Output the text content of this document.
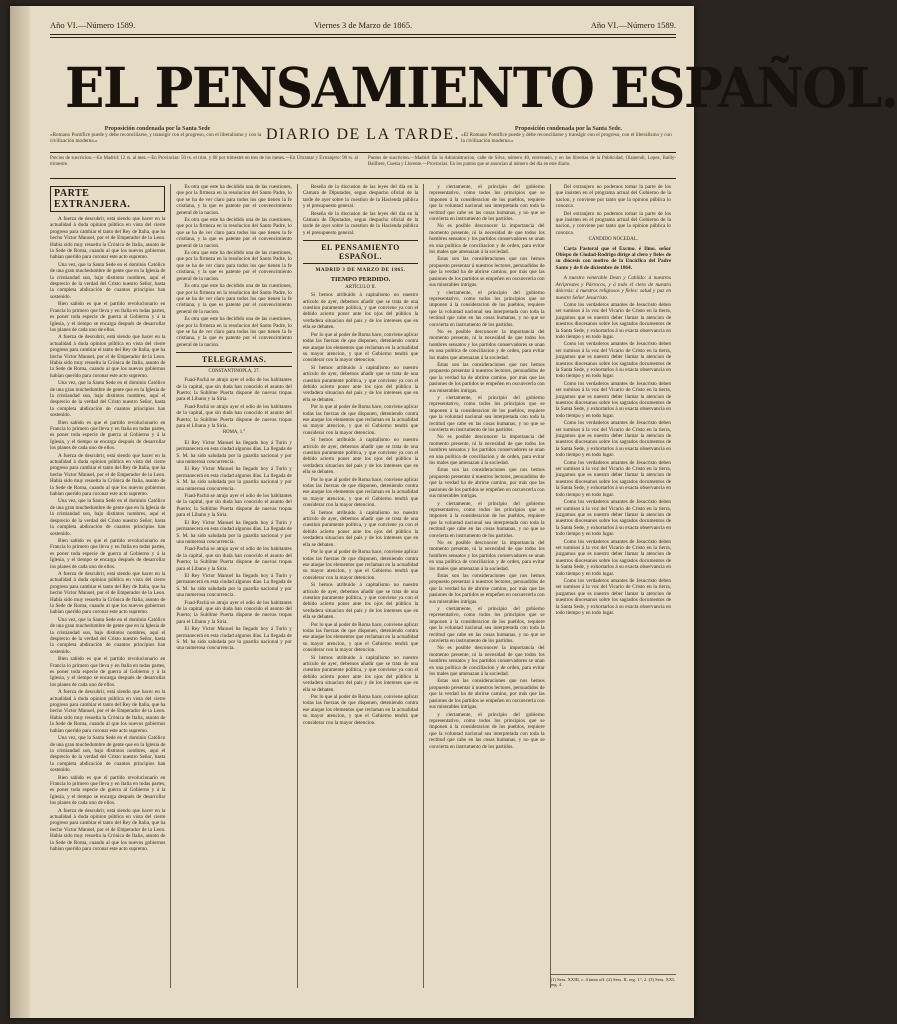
Año VI.—Número 1589.	Viernes 3 de Marzo de 1865.	Año VI.—Número 1589.
EL PENSAMIENTO ESPAÑOL.
Proposición condenada por la Santa Sede
«Romano Pontífice puede y debe reconciliarse, y transigir con el progreso, con el liberalismo y con la civilización moderna.»	DIARIO DE LA TARDE.	Proposición condenada por la Santa Sede.
«El Romano Pontífice puede y debe reconciliarse y transigir con el progreso, con el liberalismo y con la civilización moderna.»
Precios de suscricion.—En Madrid: 12 rs. al mes.—En Provincias: 50 rs. el trim. y 60 por trimestre en tres de los meses.—En Ultramar y Extranjero: 90 rs. al trimestre.
Puntos de suscricion.—Madrid: En la Administracion, calle de Silva, número 40, entresuelo, y en las librerías de la Publicidad, Olamendi, Lopez, Bailly-Bailliere, Cuesta y Llorente.—Provincias: En los puntos que se anuncian al número del día en este diario.
PARTE EXTRANJERA.

A fuerza de descubrir, está siendo que hacer en la actualidad á duda opinion pública en vista del cierre progreso para cambiar el tanto del Rey de Italia, que ha hecho Victor Manuel, por el de Emperador de la Leon. Había sido muy resuelta la Crónica de Italia, asunto de la Sede de Roma, cuando al que los nuevos gobiernos habían querido para coronar este acto supremo.

Una vez, que la Santa Sede en el dominio Católico de una gran muchedumbre de gente que en la Iglesia de la cristiandad son, bajo distintos nombres, aquí el desprecio de la verdad del Cristo nuestro Señor, hasta la completa abdicación de cuantos principios han sostenido.

Bien sabido es que el partido revolucionario en Francia lo primero que lleva y en Italia en todas partes, es poner toda especie de guerra al Gobierno y á la Iglesia, y el tiempo se encarga después de desarrollar los planes de cada uno de ellos.

A fuerza de descubrir, está siendo que hacer en la actualidad á duda opinion pública en vista del cierre progreso para cambiar el tanto del Rey de Italia, que ha hecho Victor Manuel, por el de Emperador de la Leon. Había sido muy resuelta la Crónica de Italia, asunto de la Sede de Roma, cuando al que los nuevos gobiernos habían querido para coronar este acto supremo.

Una vez, que la Santa Sede en el dominio Católico de una gran muchedumbre de gente que en la Iglesia de la cristiandad son, bajo distintos nombres, aquí el desprecio de la verdad del Cristo nuestro Señor, hasta la completa abdicación de cuantos principios han sostenido.

Bien sabido es que el partido revolucionario en Francia lo primero que lleva y en Italia en todas partes, es poner toda especie de guerra al Gobierno y á la Iglesia, y el tiempo se encarga después de desarrollar los planes de cada uno de ellos.

A fuerza de descubrir, está siendo que hacer en la actualidad á duda opinion pública en vista del cierre progreso para cambiar el tanto del Rey de Italia, que ha hecho Victor Manuel, por el de Emperador de la Leon. Había sido muy resuelta la Crónica de Italia, asunto de la Sede de Roma, cuando al que los nuevos gobiernos habían querido para coronar este acto supremo.

Una vez, que la Santa Sede en el dominio Católico de una gran muchedumbre de gente que en la Iglesia de la cristiandad son, bajo distintos nombres, aquí el desprecio de la verdad del Cristo nuestro Señor, hasta la completa abdicación de cuantos principios han sostenido.

Bien sabido es que el partido revolucionario en Francia lo primero que lleva y en Italia en todas partes, es poner toda especie de guerra al Gobierno y á la Iglesia, y el tiempo se encarga después de desarrollar los planes de cada uno de ellos.

A fuerza de descubrir, está siendo que hacer en la actualidad á duda opinion pública en vista del cierre progreso para cambiar el tanto del Rey de Italia, que ha hecho Victor Manuel, por el de Emperador de la Leon. Había sido muy resuelta la Crónica de Italia, asunto de la Sede de Roma, cuando al que los nuevos gobiernos habían querido para coronar este acto supremo.

Una vez, que la Santa Sede en el dominio Católico de una gran muchedumbre de gente que en la Iglesia de la cristiandad son, bajo distintos nombres, aquí el desprecio de la verdad del Cristo nuestro Señor, hasta la completa abdicación de cuantos principios han sostenido.

Bien sabido es que el partido revolucionario en Francia lo primero que lleva y en Italia en todas partes, es poner toda especie de guerra al Gobierno y á la Iglesia, y el tiempo se encarga después de desarrollar los planes de cada uno de ellos.

A fuerza de descubrir, está siendo que hacer en la actualidad á duda opinion pública en vista del cierre progreso para cambiar el tanto del Rey de Italia, que ha hecho Victor Manuel, por el de Emperador de la Leon. Había sido muy resuelta la Crónica de Italia, asunto de la Sede de Roma, cuando al que los nuevos gobiernos habían querido para coronar este acto supremo.

Una vez, que la Santa Sede en el dominio Católico de una gran muchedumbre de gente que en la Iglesia de la cristiandad son, bajo distintos nombres, aquí el desprecio de la verdad del Cristo nuestro Señor, hasta la completa abdicación de cuantos principios han sostenido.

Bien sabido es que el partido revolucionario en Francia lo primero que lleva y en Italia en todas partes, es poner toda especie de guerra al Gobierno y á la Iglesia, y el tiempo se encarga después de desarrollar los planes de cada uno de ellos.

A fuerza de descubrir, está siendo que hacer en la actualidad á duda opinion pública en vista del cierre progreso para cambiar el tanto del Rey de Italia, que ha hecho Victor Manuel, por el de Emperador de la Leon. Había sido muy resuelta la Crónica de Italia, asunto de la Sede de Roma, cuando al que los nuevos gobiernos habían querido para coronar este acto supremo.

Es otra que este ha decidido una de las cuestiones, que por la firmeza en la resolucion del Santo Padre, lo que se ha de ver claro para todos los que tienen la fe cristiana, y la que es patente por el convencimiento general de la nacion.

Es otra que este ha decidido una de las cuestiones, que por la firmeza en la resolucion del Santo Padre, lo que se ha de ver claro para todos los que tienen la fe cristiana, y la que es patente por el convencimiento general de la nacion.

Es otra que este ha decidido una de las cuestiones, que por la firmeza en la resolucion del Santo Padre, lo que se ha de ver claro para todos los que tienen la fe cristiana, y la que es patente por el convencimiento general de la nacion.

Es otra que este ha decidido una de las cuestiones, que por la firmeza en la resolucion del Santo Padre, lo que se ha de ver claro para todos los que tienen la fe cristiana, y la que es patente por el convencimiento general de la nacion.

Es otra que este ha decidido una de las cuestiones, que por la firmeza en la resolucion del Santo Padre, lo que se ha de ver claro para todos los que tienen la fe cristiana, y la que es patente por el convencimiento general de la nacion.

TELEGRAMAS.
CONSTANTINOPLA, 27.

Fuad-Pachá se atrajo ayer el odio de los habitantes de la capital, que sin duda han conocido el asunto del Puerto; la Sublime Puerta dispone de nuevas tropas para el Líbano y la Siria.

Fuad-Pachá se atrajo ayer el odio de los habitantes de la capital, que sin duda han conocido el asunto del Puerto; la Sublime Puerta dispone de nuevas tropas para el Líbano y la Siria.

ROMA, 1.°

El Rey Victor Manuel ha llegado hoy á Turín y permanecerá en esta ciudad algunos días. La llegada de S. M. ha sido saludada por la guardia nacional y por una numerosa concurrencia.

El Rey Victor Manuel ha llegado hoy á Turín y permanecerá en esta ciudad algunos días. La llegada de S. M. ha sido saludada por la guardia nacional y por una numerosa concurrencia.

Fuad-Pachá se atrajo ayer el odio de los habitantes de la capital, que sin duda han conocido el asunto del Puerto; la Sublime Puerta dispone de nuevas tropas para el Líbano y la Siria.

El Rey Victor Manuel ha llegado hoy á Turín y permanecerá en esta ciudad algunos días. La llegada de S. M. ha sido saludada por la guardia nacional y por una numerosa concurrencia.

Fuad-Pachá se atrajo ayer el odio de los habitantes de la capital, que sin duda han conocido el asunto del Puerto; la Sublime Puerta dispone de nuevas tropas para el Líbano y la Siria.

El Rey Victor Manuel ha llegado hoy á Turín y permanecerá en esta ciudad algunos días. La llegada de S. M. ha sido saludada por la guardia nacional y por una numerosa concurrencia.

Fuad-Pachá se atrajo ayer el odio de los habitantes de la capital, que sin duda han conocido el asunto del Puerto; la Sublime Puerta dispone de nuevas tropas para el Líbano y la Siria.

El Rey Victor Manuel ha llegado hoy á Turín y permanecerá en esta ciudad algunos días. La llegada de S. M. ha sido saludada por la guardia nacional y por una numerosa concurrencia.

Reseña de la discusion de las leyes del dia en la Cámara de Diputados, segun despacho oficial de la tarde de ayer sobre la cuestion de la Hacienda pública y el presupuesto general.

Reseña de la discusion de las leyes del dia en la Cámara de Diputados, segun despacho oficial de la tarde de ayer sobre la cuestion de la Hacienda pública y el presupuesto general.

EL PENSAMIENTO ESPAÑOL.
MADRID 3 DE MARZO DE 1865.
TIEMPO PERDIDO.
ARTÍCULO II.

Si hemos atribuido á capitalismo no nuestro artículo de ayer, debemos añadir que se trata de una cuestion puramente politica, y que conviene ya con el debido acierto poner ante los ojos del público la verdadera situacion del país y de los intereses que en ella se debaten.

Por lo que al poder de Roma hace, conviene aplicar todas las fuerzas de que disponen, deteniendo contra ese ataque los elementos que reclaman en la actualidad su mayor atencion, y que el Gobierno tendrá que considerar con la mayor detencion.

Si hemos atribuido á capitalismo no nuestro artículo de ayer, debemos añadir que se trata de una cuestion puramente politica, y que conviene ya con el debido acierto poner ante los ojos del público la verdadera situacion del país y de los intereses que en ella se debaten.

Por lo que al poder de Roma hace, conviene aplicar todas las fuerzas de que disponen, deteniendo contra ese ataque los elementos que reclaman en la actualidad su mayor atencion, y que el Gobierno tendrá que considerar con la mayor detencion.

Si hemos atribuido á capitalismo no nuestro artículo de ayer, debemos añadir que se trata de una cuestion puramente politica, y que conviene ya con el debido acierto poner ante los ojos del público la verdadera situacion del país y de los intereses que en ella se debaten.

Por lo que al poder de Roma hace, conviene aplicar todas las fuerzas de que disponen, deteniendo contra ese ataque los elementos que reclaman en la actualidad su mayor atencion, y que el Gobierno tendrá que considerar con la mayor detencion.

Si hemos atribuido á capitalismo no nuestro artículo de ayer, debemos añadir que se trata de una cuestion puramente politica, y que conviene ya con el debido acierto poner ante los ojos del público la verdadera situacion del país y de los intereses que en ella se debaten.

Por lo que al poder de Roma hace, conviene aplicar todas las fuerzas de que disponen, deteniendo contra ese ataque los elementos que reclaman en la actualidad su mayor atencion, y que el Gobierno tendrá que considerar con la mayor detencion.

Si hemos atribuido á capitalismo no nuestro artículo de ayer, debemos añadir que se trata de una cuestion puramente politica, y que conviene ya con el debido acierto poner ante los ojos del público la verdadera situacion del país y de los intereses que en ella se debaten.

Por lo que al poder de Roma hace, conviene aplicar todas las fuerzas de que disponen, deteniendo contra ese ataque los elementos que reclaman en la actualidad su mayor atencion, y que el Gobierno tendrá que considerar con la mayor detencion.

Si hemos atribuido á capitalismo no nuestro artículo de ayer, debemos añadir que se trata de una cuestion puramente politica, y que conviene ya con el debido acierto poner ante los ojos del público la verdadera situacion del país y de los intereses que en ella se debaten.

Por lo que al poder de Roma hace, conviene aplicar todas las fuerzas de que disponen, deteniendo contra ese ataque los elementos que reclaman en la actualidad su mayor atencion, y que el Gobierno tendrá que considerar con la mayor detencion.

y ciertamente, el principio del gobierno representativo, como todos los principios que se imponen á la consideracion de los pueblos, requiere que la voluntad nacional sea interpretada con toda la rectitud que cabe en las cosas humanas, y no que se convierta en instrumento de los partidos.

No es posible desconocer la importancia del momento presente, ni la necesidad de que todos los hombres sensatos y los partidos conservadores se unan en una política de conciliacion y de orden, para evitar los males que amenazan á la sociedad.

Estas son las consideraciones que nos hemos propuesto presentar á nuestros lectores, persuadidos de que la verdad ha de abrirse camino, por más que las pasiones de los partidos se empeñen en oscurecerla con sus miserables intrigas.

y ciertamente, el principio del gobierno representativo, como todos los principios que se imponen á la consideracion de los pueblos, requiere que la voluntad nacional sea interpretada con toda la rectitud que cabe en las cosas humanas, y no que se convierta en instrumento de los partidos.

No es posible desconocer la importancia del momento presente, ni la necesidad de que todos los hombres sensatos y los partidos conservadores se unan en una política de conciliacion y de orden, para evitar los males que amenazan á la sociedad.

Estas son las consideraciones que nos hemos propuesto presentar á nuestros lectores, persuadidos de que la verdad ha de abrirse camino, por más que las pasiones de los partidos se empeñen en oscurecerla con sus miserables intrigas.

y ciertamente, el principio del gobierno representativo, como todos los principios que se imponen á la consideracion de los pueblos, requiere que la voluntad nacional sea interpretada con toda la rectitud que cabe en las cosas humanas, y no que se convierta en instrumento de los partidos.

No es posible desconocer la importancia del momento presente, ni la necesidad de que todos los hombres sensatos y los partidos conservadores se unan en una política de conciliacion y de orden, para evitar los males que amenazan á la sociedad.

Estas son las consideraciones que nos hemos propuesto presentar á nuestros lectores, persuadidos de que la verdad ha de abrirse camino, por más que las pasiones de los partidos se empeñen en oscurecerla con sus miserables intrigas.

y ciertamente, el principio del gobierno representativo, como todos los principios que se imponen á la consideracion de los pueblos, requiere que la voluntad nacional sea interpretada con toda la rectitud que cabe en las cosas humanas, y no que se convierta en instrumento de los partidos.

No es posible desconocer la importancia del momento presente, ni la necesidad de que todos los hombres sensatos y los partidos conservadores se unan en una política de conciliacion y de orden, para evitar los males que amenazan á la sociedad.

Estas son las consideraciones que nos hemos propuesto presentar á nuestros lectores, persuadidos de que la verdad ha de abrirse camino, por más que las pasiones de los partidos se empeñen en oscurecerla con sus miserables intrigas.

y ciertamente, el principio del gobierno representativo, como todos los principios que se imponen á la consideracion de los pueblos, requiere que la voluntad nacional sea interpretada con toda la rectitud que cabe en las cosas humanas, y no que se convierta en instrumento de los partidos.

No es posible desconocer la importancia del momento presente, ni la necesidad de que todos los hombres sensatos y los partidos conservadores se unan en una política de conciliacion y de orden, para evitar los males que amenazan á la sociedad.

Estas son las consideraciones que nos hemos propuesto presentar á nuestros lectores, persuadidos de que la verdad ha de abrirse camino, por más que las pasiones de los partidos se empeñen en oscurecerla con sus miserables intrigas.

y ciertamente, el principio del gobierno representativo, como todos los principios que se imponen á la consideracion de los pueblos, requiere que la voluntad nacional sea interpretada con toda la rectitud que cabe en las cosas humanas, y no que se convierta en instrumento de los partidos.

Del extranjero no podemos tomar la parte de los que insisten en el programa actual del Gobierno de la nacion, y conviene por tanto que la opinion pública lo conozca.

Del extranjero no podemos tomar la parte de los que insisten en el programa actual del Gobierno de la nacion, y conviene por tanto que la opinion pública lo conozca.

CÁNDIDO NOCEDAL.

Carta Pastoral que el Excmo. é Ilmo. señor Obispo de Ciudad-Rodrigo dirige al clero y fieles de su diócesis con motivo de la Encíclica del Padre Santo y de 8 de diciembre de 1864.

A nuestro venerable Dean y Cabildo: á nuestros Arciprestes y Párrocos, y á todo el clero de nuestra diócesis: á nuestros religiosos y fieles: salud y paz en nuestro Señor Jesucristo.

Como los verdaderos amantes de Jesucristo deben ser sumisos á la voz del Vicario de Cristo en la tierra, juzgamos que es nuestro deber llamar la atencion de nuestros diocesanos sobre los sagrados documentos de la Santa Sede, y exhortarlos á su exacta observancia en todo tiempo y en todo lugar.

Como los verdaderos amantes de Jesucristo deben ser sumisos á la voz del Vicario de Cristo en la tierra, juzgamos que es nuestro deber llamar la atencion de nuestros diocesanos sobre los sagrados documentos de la Santa Sede, y exhortarlos á su exacta observancia en todo tiempo y en todo lugar.

Como los verdaderos amantes de Jesucristo deben ser sumisos á la voz del Vicario de Cristo en la tierra, juzgamos que es nuestro deber llamar la atencion de nuestros diocesanos sobre los sagrados documentos de la Santa Sede, y exhortarlos á su exacta observancia en todo tiempo y en todo lugar.

Como los verdaderos amantes de Jesucristo deben ser sumisos á la voz del Vicario de Cristo en la tierra, juzgamos que es nuestro deber llamar la atencion de nuestros diocesanos sobre los sagrados documentos de la Santa Sede, y exhortarlos á su exacta observancia en todo tiempo y en todo lugar.

Como los verdaderos amantes de Jesucristo deben ser sumisos á la voz del Vicario de Cristo en la tierra, juzgamos que es nuestro deber llamar la atencion de nuestros diocesanos sobre los sagrados documentos de la Santa Sede, y exhortarlos á su exacta observancia en todo tiempo y en todo lugar.

Como los verdaderos amantes de Jesucristo deben ser sumisos á la voz del Vicario de Cristo en la tierra, juzgamos que es nuestro deber llamar la atencion de nuestros diocesanos sobre los sagrados documentos de la Santa Sede, y exhortarlos á su exacta observancia en todo tiempo y en todo lugar.

Como los verdaderos amantes de Jesucristo deben ser sumisos á la voz del Vicario de Cristo en la tierra, juzgamos que es nuestro deber llamar la atencion de nuestros diocesanos sobre los sagrados documentos de la Santa Sede, y exhortarlos á su exacta observancia en todo tiempo y en todo lugar.

Como los verdaderos amantes de Jesucristo deben ser sumisos á la voz del Vicario de Cristo en la tierra, juzgamos que es nuestro deber llamar la atencion de nuestros diocesanos sobre los sagrados documentos de la Santa Sede, y exhortarlos á su exacta observancia en todo tiempo y en todo lugar.

(1) Sess. XXIII, c. 4 tanta off. (2) Sess. II, reg. 1.ª, 2. (3) Sess. XXI, reg. 4.
